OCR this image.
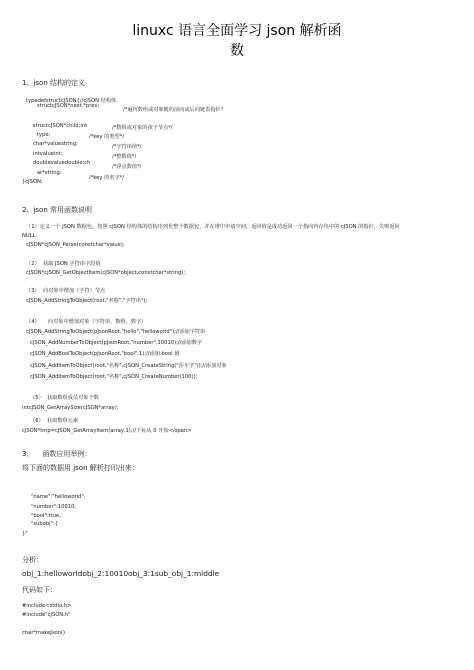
linuxc 语言全面学习 json 解析函
数
1、json 结构的定义
typedefstructcJSON{//cJSON 结构体
structcJSON*next,*prev;
/*遍历数组或对象链的前向或后向链表指针？
structcJSON*child;int	/*数组或对象的孩子节点*/
type;	/*key 的类型*/
char*valuestring;	/*字符串值*/
intvalueint;	/*整数值*/
doublevaluedouble;ch
/*浮点数值*/
ar*string;
}cJSON;
/*key 的名字*/
2、json 常用函数说明
（1）定义一个 JSON 数据包，按照 cJSON 结构体的结构序列化整个数据包，并在堆中申请空间，返回值是成功返回一个指向内存块中的 cJSON 的指针，失败返回
NULL
cJSON*cJSON_Parse(constchar*value);
（2）  获取 JSON 字符串字段值
cJSON*cJSON_GetObjectItem(cJSON*object,constchar*string);
（3）  向对象中增加（字符）节点
cJSON_AddStringToObject(root,"名称","字符串");
（4）     向对象中增加对象（字符串、数组、数字）
cJSON_AddStringToObject(pJsonRoot,"hello","helloworld");//添加字符串
cJSON_AddNumberToObject(pJsonRoot,"number",10010);//添加数字
cJSON_AddBoolToObject(pJsonRoot,"bool",1);//添加 bool 值
cJSON_AddItemToObject(root,"名称",cJSON_CreateString("莎车字"));//添加对象
cJSON_AddItemToObject(root,"名称",cJSON_CreateNumber(100));
（5）  获取数组成员对象个数
intcJSON_GetArraySize(cJSON*array);
（6）  获取数组元素
cJSON*tmp=cJSON_GetArrayItem(array,1);//下标从 0 开始</span>
3、    函数应用举例：
将下面的数据用 json 解析打印出来：
"name":"helloworld",
"number":10010,
"bool":true,
"subobj":{
}"
分析：
obj_1:helloworldobj_2:10010obj_3:1sub_obj_1:middle
代码如下：
#include<stdio.h>
#include"cJSON.h"
char*makeJson()
